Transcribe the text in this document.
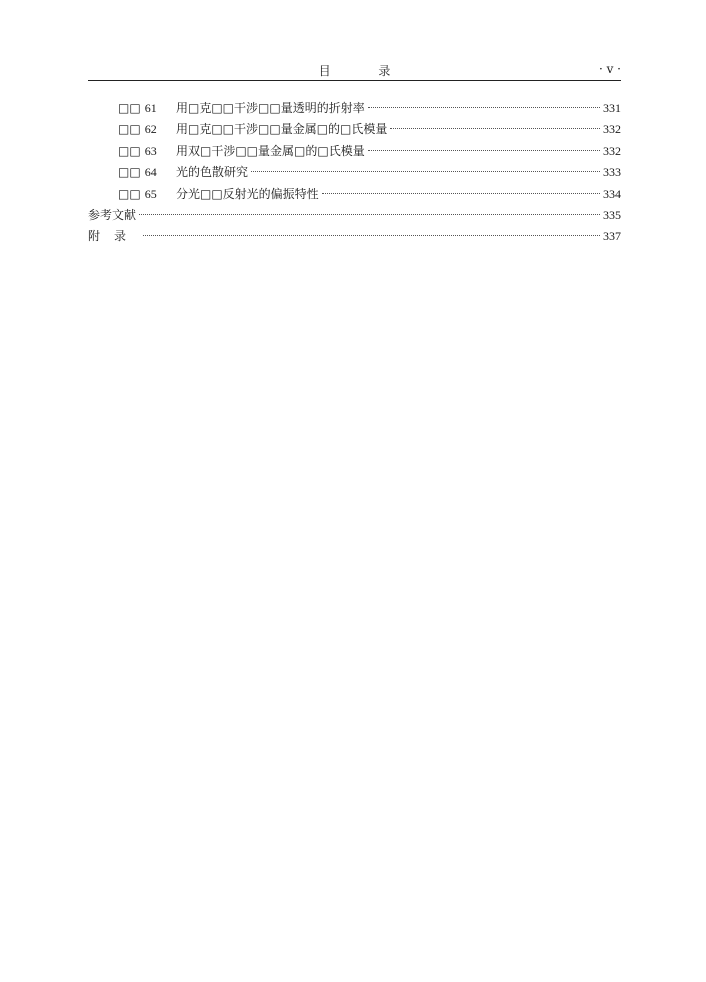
目 录	· v ·
□□ 61	用□克□□干涉□□量透明的折射率	331
□□ 62	用□克□□干涉□□量金属□的□氏模量	332
□□ 63	用双□干涉□□量金属□的□氏模量	332
□□ 64	光的色散研究	333
□□ 65	分光□□反射光的偏振特性	334
参考文献	335
附录	337
